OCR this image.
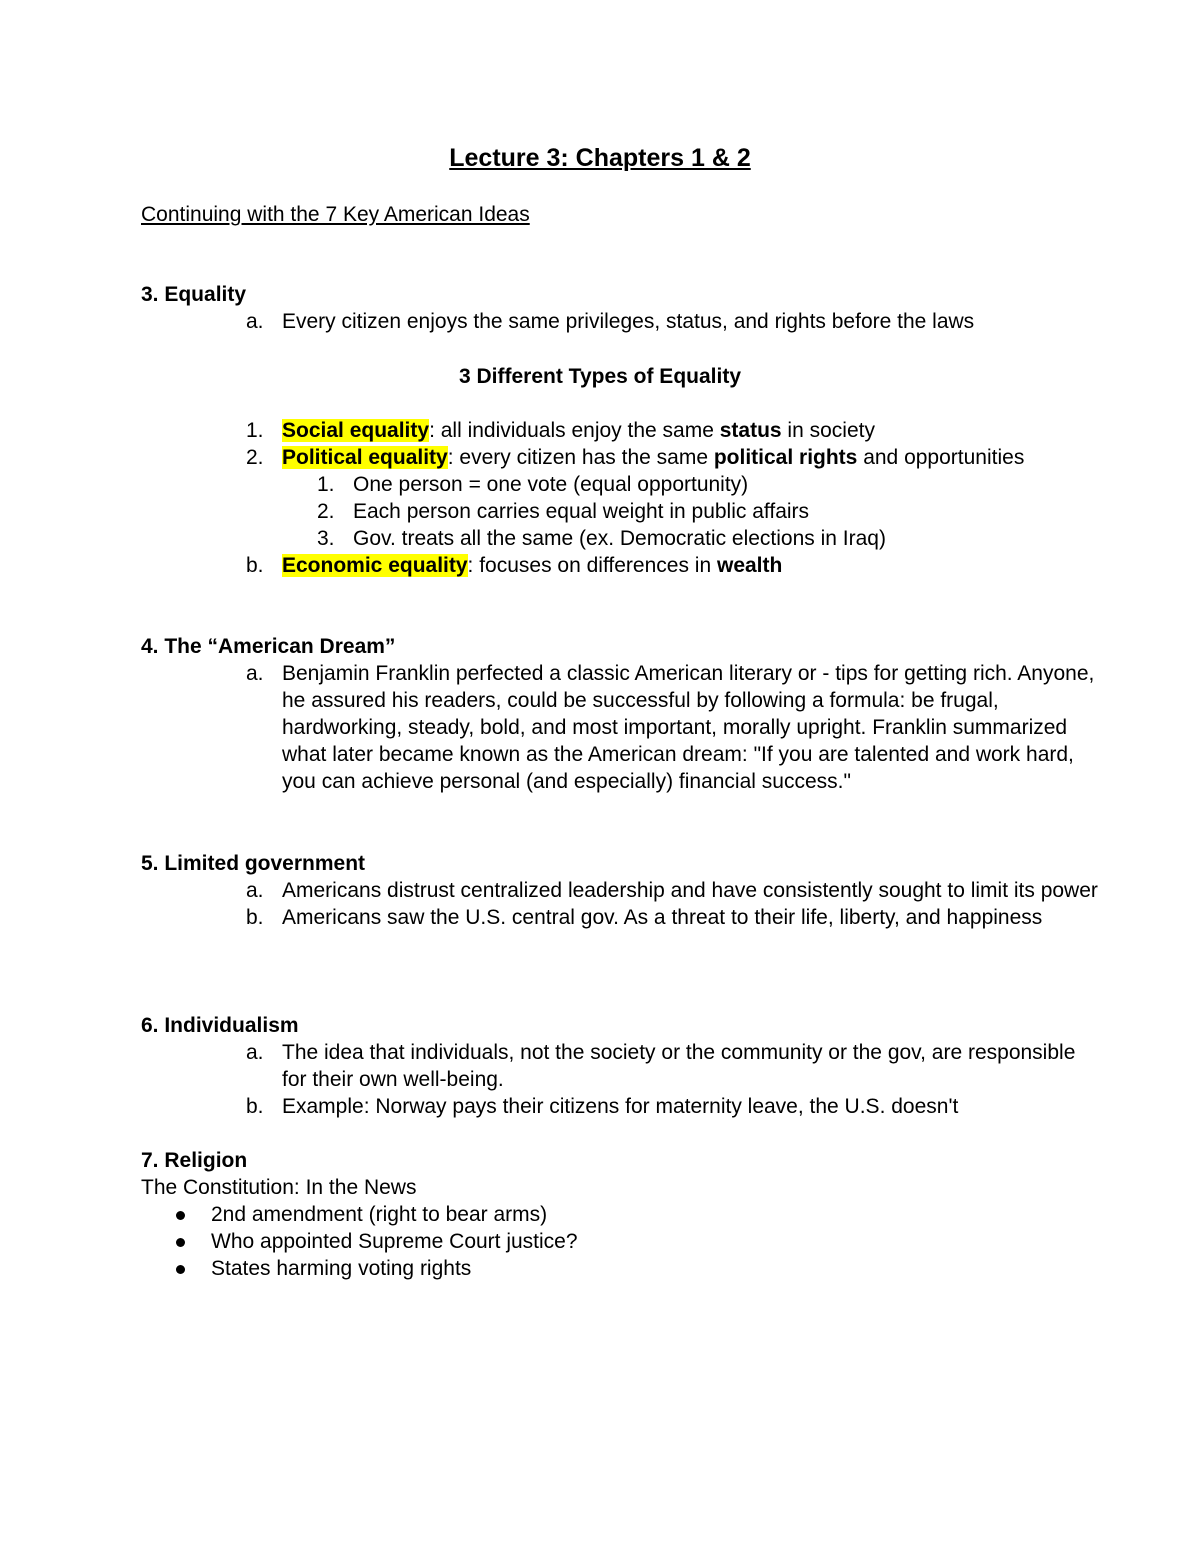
Lecture 3: Chapters 1 & 2
Continuing with the 7 Key American Ideas
3. Equality
a. Every citizen enjoys the same privileges, status, and rights before the laws
3 Different Types of Equality
1. Social equality: all individuals enjoy the same status in society
2. Political equality: every citizen has the same political rights and opportunities
1. One person = one vote (equal opportunity)
2. Each person carries equal weight in public affairs
3. Gov. treats all the same (ex. Democratic elections in Iraq)
b. Economic equality: focuses on differences in wealth
4. The “American Dream”
a. Benjamin Franklin perfected a classic American literary or - tips for getting rich. Anyone, he assured his readers, could be successful by following a formula: be frugal, hardworking, steady, bold, and most important, morally upright. Franklin summarized what later became known as the American dream: "If you are talented and work hard, you can achieve personal (and especially) financial success."
5. Limited government
a. Americans distrust centralized leadership and have consistently sought to limit its power
b. Americans saw the U.S. central gov. As a threat to their life, liberty, and happiness
6. Individualism
a. The idea that individuals, not the society or the community or the gov, are responsible for their own well-being.
b. Example: Norway pays their citizens for maternity leave, the U.S. doesn't
7. Religion
The Constitution: In the News
2nd amendment (right to bear arms)
Who appointed Supreme Court justice?
States harming voting rights
